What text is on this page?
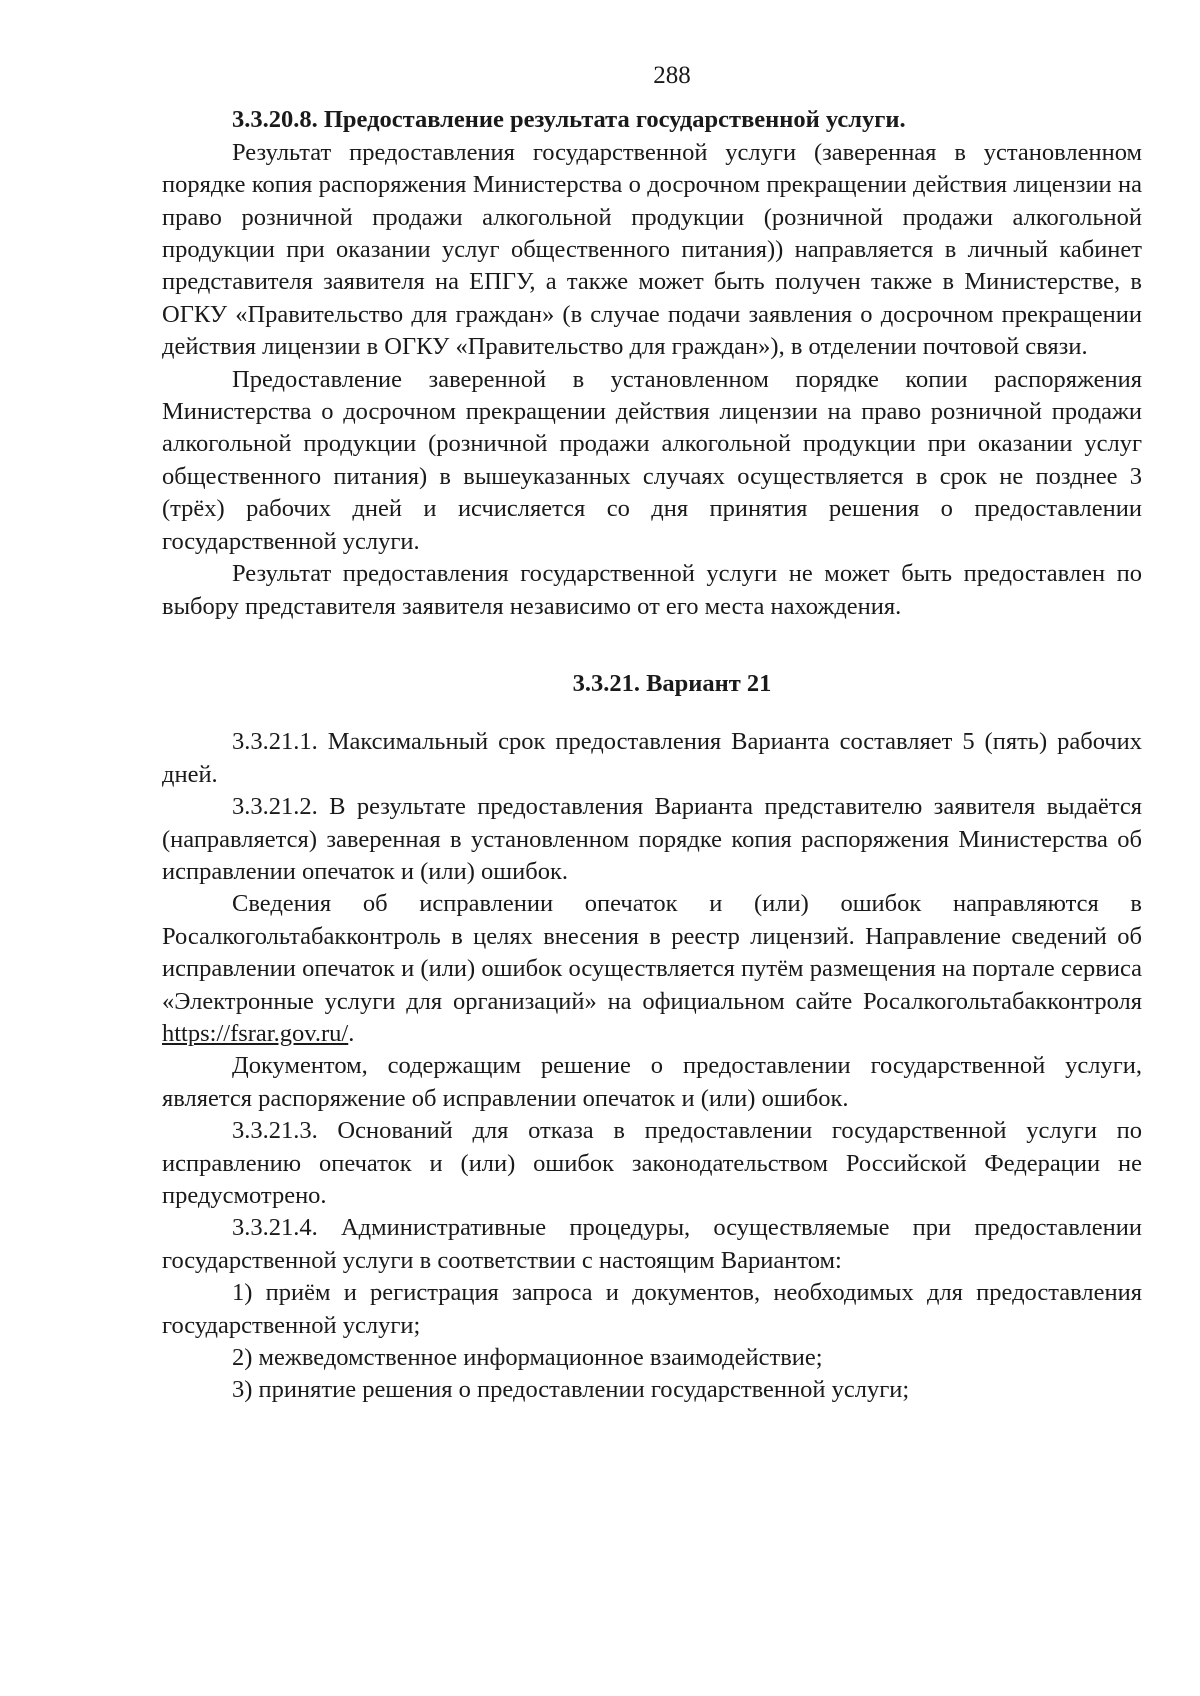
288
3.3.20.8. Предоставление результата государственной услуги.

Результат предоставления государственной услуги (заверенная в установленном порядке копия распоряжения Министерства о досрочном прекращении действия лицензии на право розничной продажи алкогольной продукции (розничной продажи алкогольной продукции при оказании услуг общественного питания)) направляется в личный кабинет представителя заявителя на ЕПГУ, а также может быть получен также в Министерстве, в ОГКУ «Правительство для граждан» (в случае подачи заявления о досрочном прекращении действия лицензии в ОГКУ «Правительство для граждан»), в отделении почтовой связи.

Предоставление заверенной в установленном порядке копии распоряжения Министерства о досрочном прекращении действия лицензии на право розничной продажи алкогольной продукции (розничной продажи алкогольной продукции при оказании услуг общественного питания) в вышеуказанных случаях осуществляется в срок не позднее 3 (трёх) рабочих дней и исчисляется со дня принятия решения о предоставлении государственной услуги.

Результат предоставления государственной услуги не может быть предоставлен по выбору представителя заявителя независимо от его места нахождения.

3.3.21. Вариант 21

3.3.21.1. Максимальный срок предоставления Варианта составляет 5 (пять) рабочих дней.

3.3.21.2. В результате предоставления Варианта представителю заявителя выдаётся (направляется) заверенная в установленном порядке копия распоряжения Министерства об исправлении опечаток и (или) ошибок.

Сведения об исправлении опечаток и (или) ошибок направляются в Росалкогольтабакконтроль в целях внесения в реестр лицензий. Направление сведений об исправлении опечаток и (или) ошибок осуществляется путём размещения на портале сервиса «Электронные услуги для организаций» на официальном сайте Росалкогольтабакконтроля https://fsrar.gov.ru/.

Документом, содержащим решение о предоставлении государственной услуги, является распоряжение об исправлении опечаток и (или) ошибок.

3.3.21.3. Оснований для отказа в предоставлении государственной услуги по исправлению опечаток и (или) ошибок законодательством Российской Федерации не предусмотрено.

3.3.21.4. Административные процедуры, осуществляемые при предоставлении государственной услуги в соответствии с настоящим Вариантом:

1) приём и регистрация запроса и документов, необходимых для предоставления государственной услуги;

2) межведомственное информационное взаимодействие;

3) принятие решения о предоставлении государственной услуги;
